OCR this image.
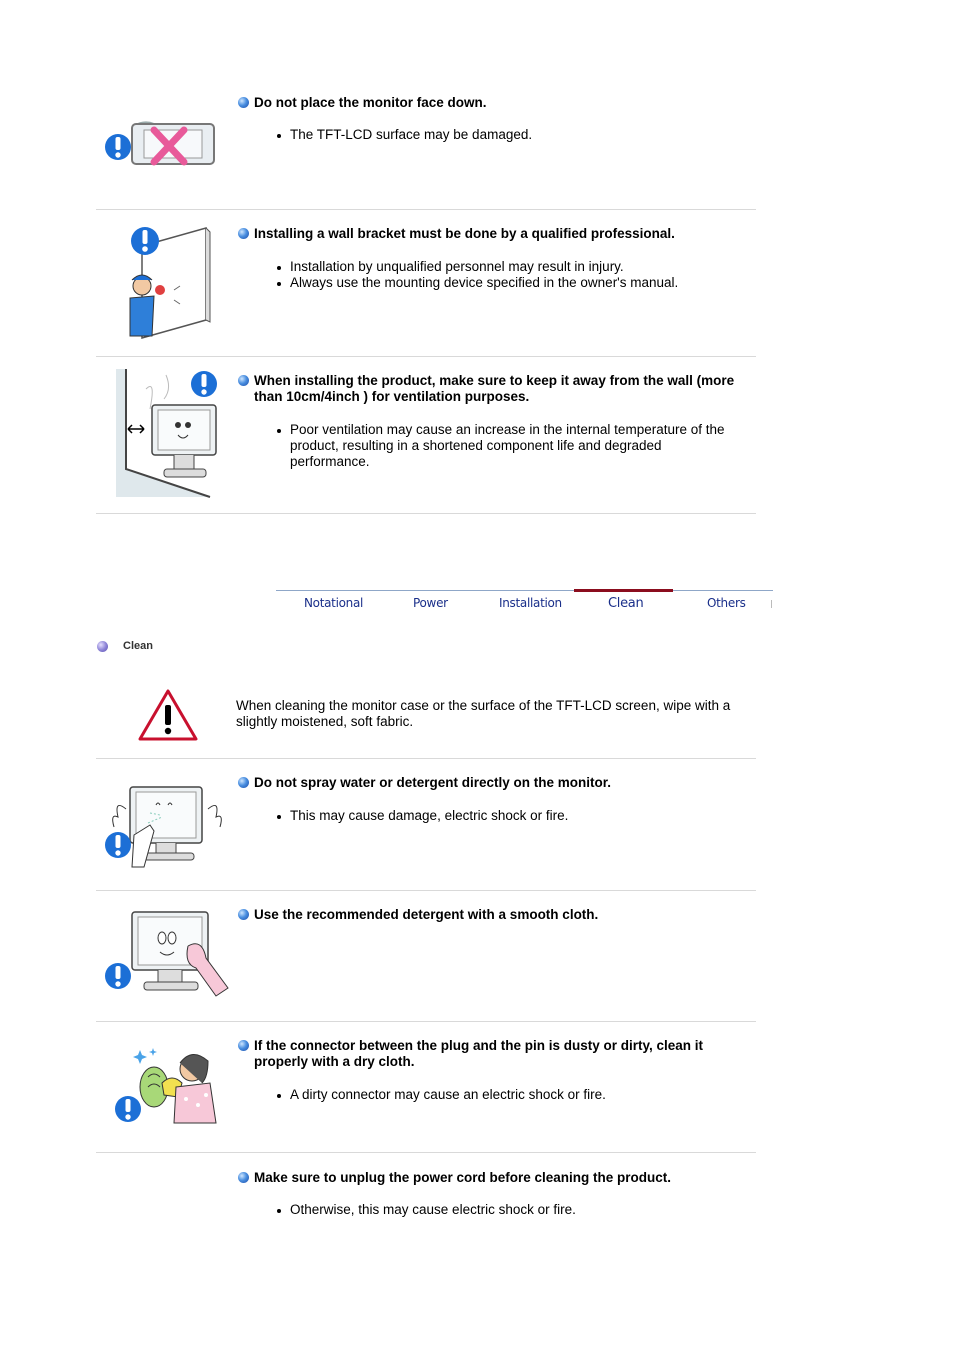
Do not place the monitor face down.
The TFT-LCD surface may be damaged.
Installing a wall bracket must be done by a qualified professional.
Installation by unqualified personnel may result in injury.
Always use the mounting device specified in the owner's manual.
When installing the product, make sure to keep it away from the wall (more than 10cm/4inch ) for ventilation purposes.
Poor ventilation may cause an increase in the internal temperature of the product, resulting in a shortened component life and degraded performance.
Notational	Power	Installation	Clean	Others
Clean
When cleaning the monitor case or the surface of the TFT-LCD screen, wipe with a slightly moistened, soft fabric.
Do not spray water or detergent directly on the monitor.
This may cause damage, electric shock or fire.
Use the recommended detergent with a smooth cloth.
If the connector between the plug and the pin is dusty or dirty, clean it properly with a dry cloth.
A dirty connector may cause an electric shock or fire.
Make sure to unplug the power cord before cleaning the product.
Otherwise, this may cause electric shock or fire.
